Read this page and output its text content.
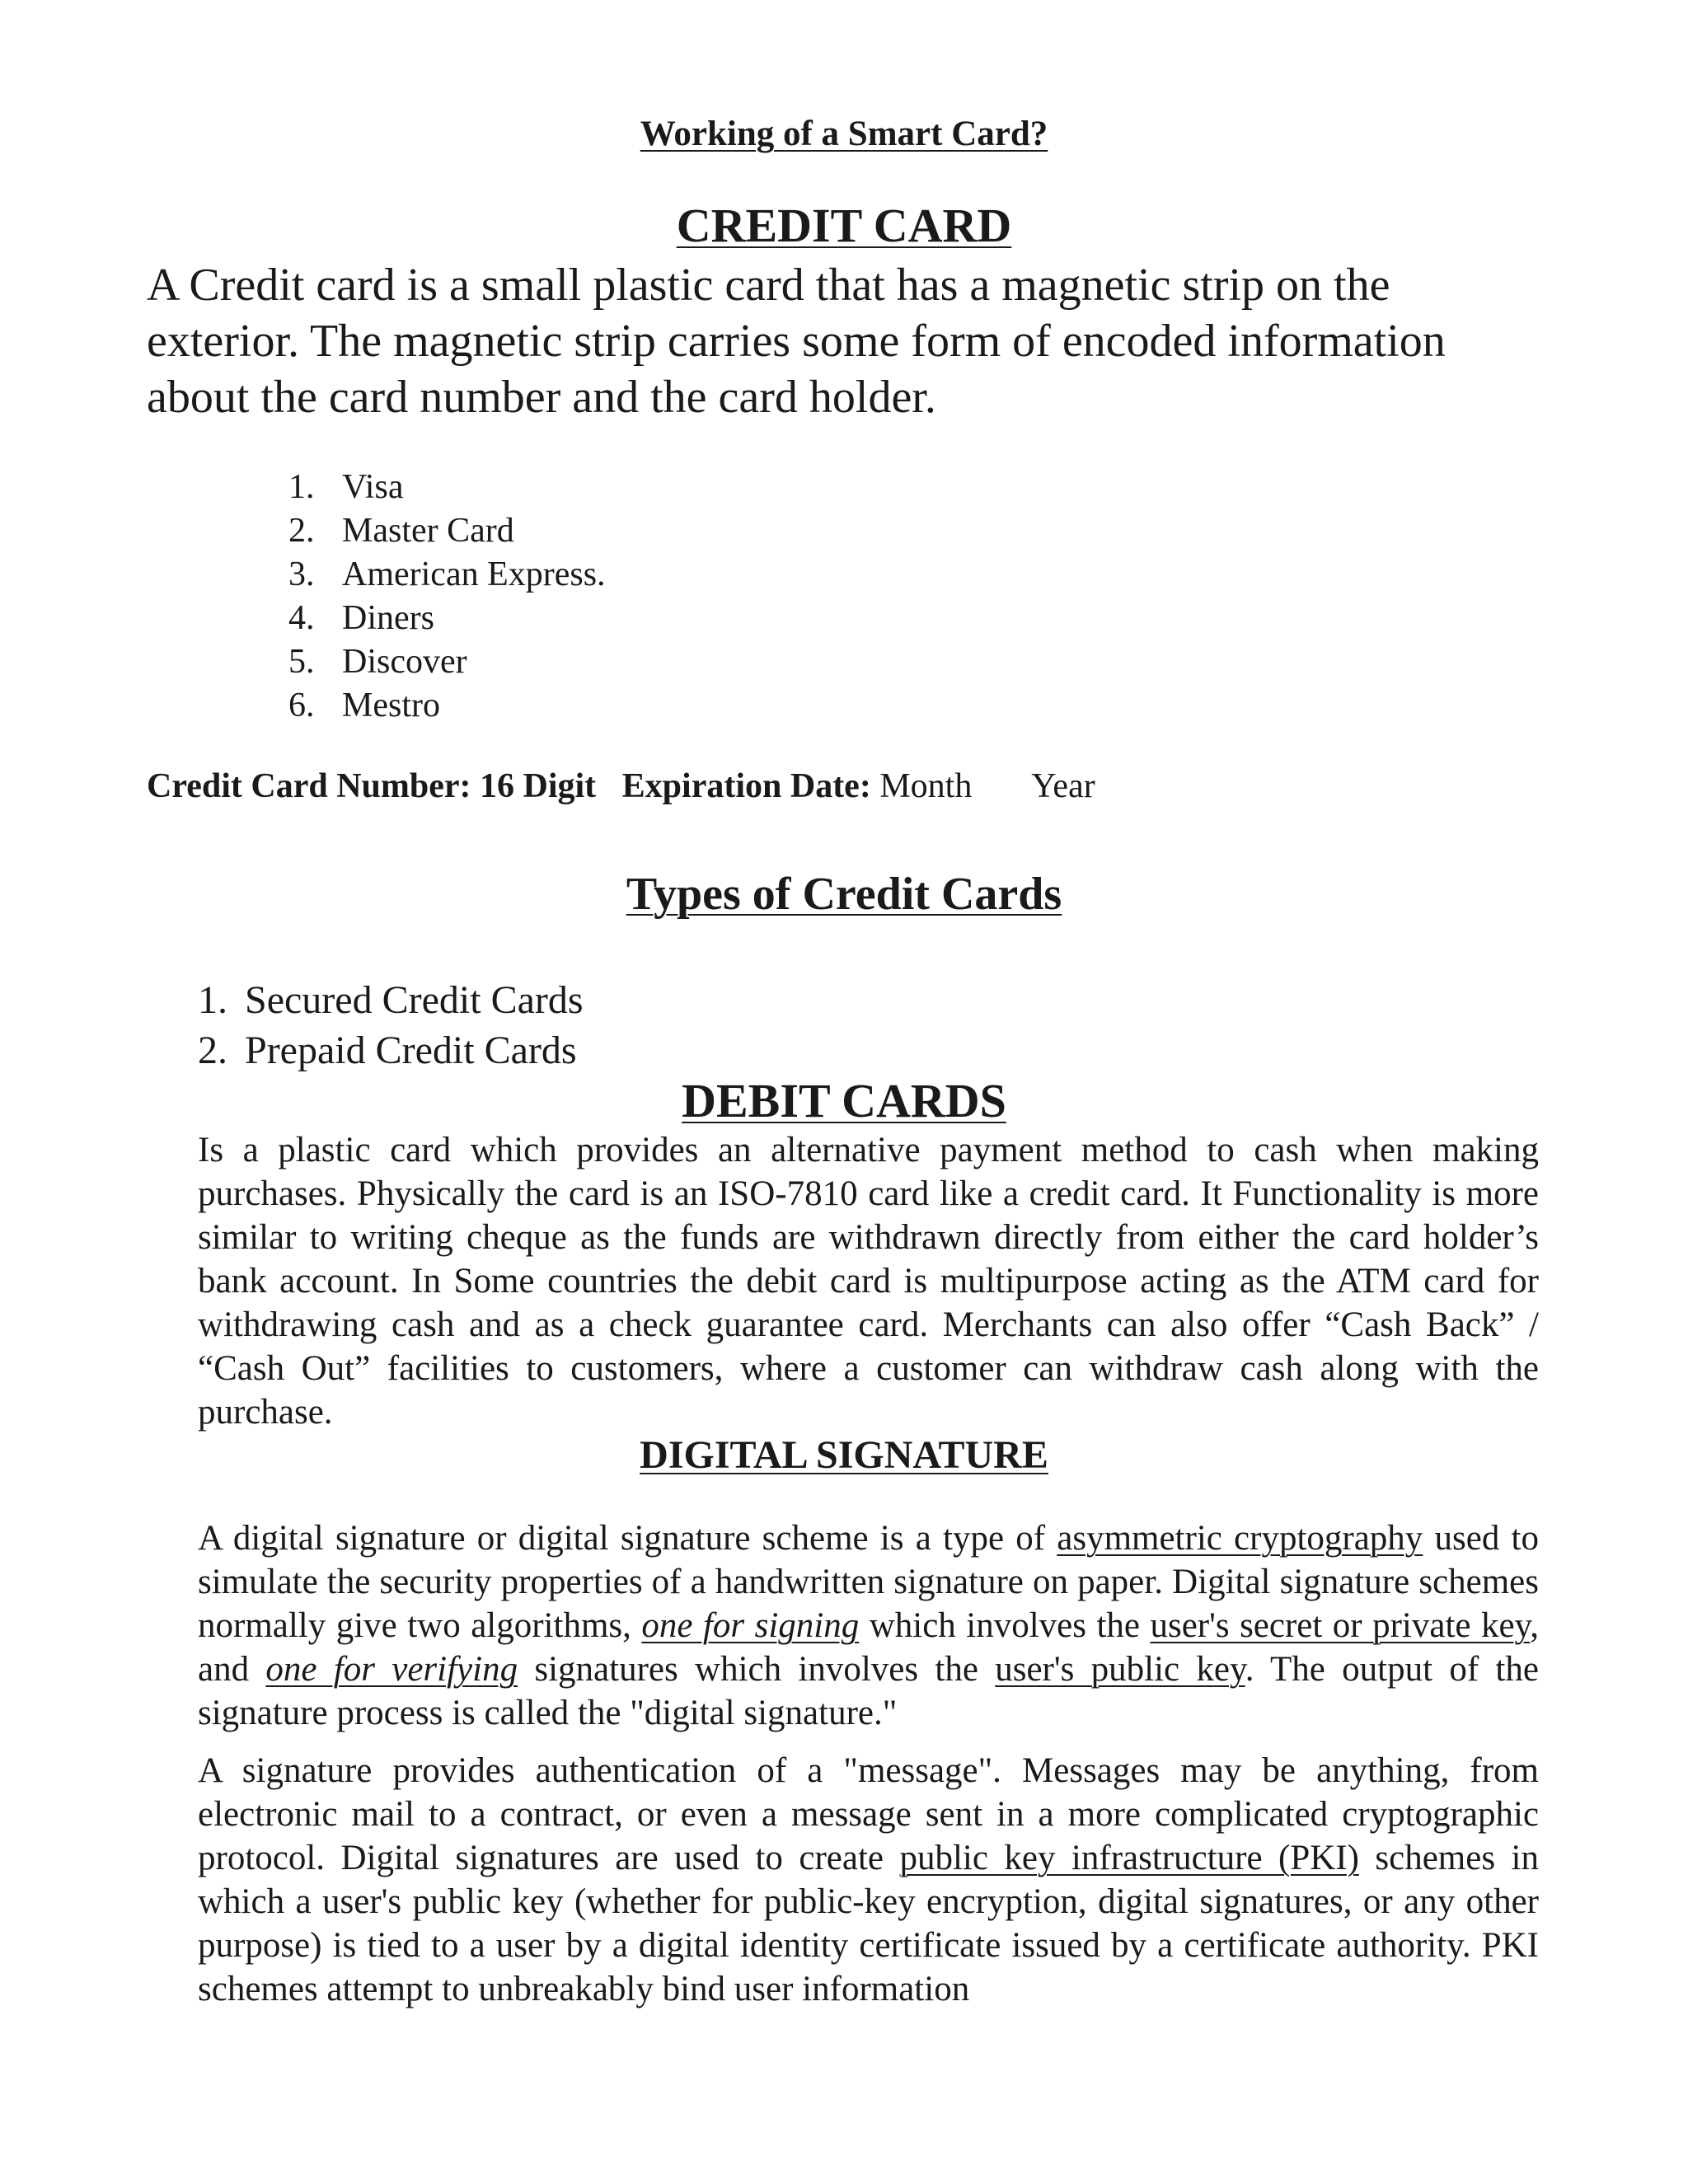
Working of a Smart Card?
CREDIT CARD

A Credit card is a small plastic card that has a magnetic strip on the exterior. The magnetic strip carries some form of encoded information about the card number and the card holder.

1. Visa
2. Master Card
3. American Express.
4. Diners
5. Discover
6. Mestro

Credit Card Number: 16 Digit Expiration Date: Month Year

Types of Credit Cards
1. Secured Credit Cards
2. Prepaid Credit Cards
DEBIT CARDS

Is a plastic card which provides an alternative payment method to cash when making purchases. Physically the card is an ISO-7810 card like a credit card. It Functionality is more similar to writing cheque as the funds are withdrawn directly from either the card holder’s bank account. In Some countries the debit card is multipurpose acting as the ATM card for withdrawing cash and as a check guarantee card. Merchants can also offer “Cash Back” / “Cash Out” facilities to customers, where a customer can withdraw cash along with the purchase.

DIGITAL SIGNATURE

A digital signature or digital signature scheme is a type of asymmetric cryptography used to simulate the security properties of a handwritten signature on paper. Digital signature schemes normally give two algorithms, one for signing which involves the user's secret or private key, and one for verifying signatures which involves the user's public key. The output of the signature process is called the "digital signature."

A signature provides authentication of a "message". Messages may be anything, from electronic mail to a contract, or even a message sent in a more complicated cryptographic protocol. Digital signatures are used to create public key infrastructure (PKI) schemes in which a user's public key (whether for public-key encryption, digital signatures, or any other purpose) is tied to a user by a digital identity certificate issued by a certificate authority. PKI schemes attempt to unbreakably bind user information
